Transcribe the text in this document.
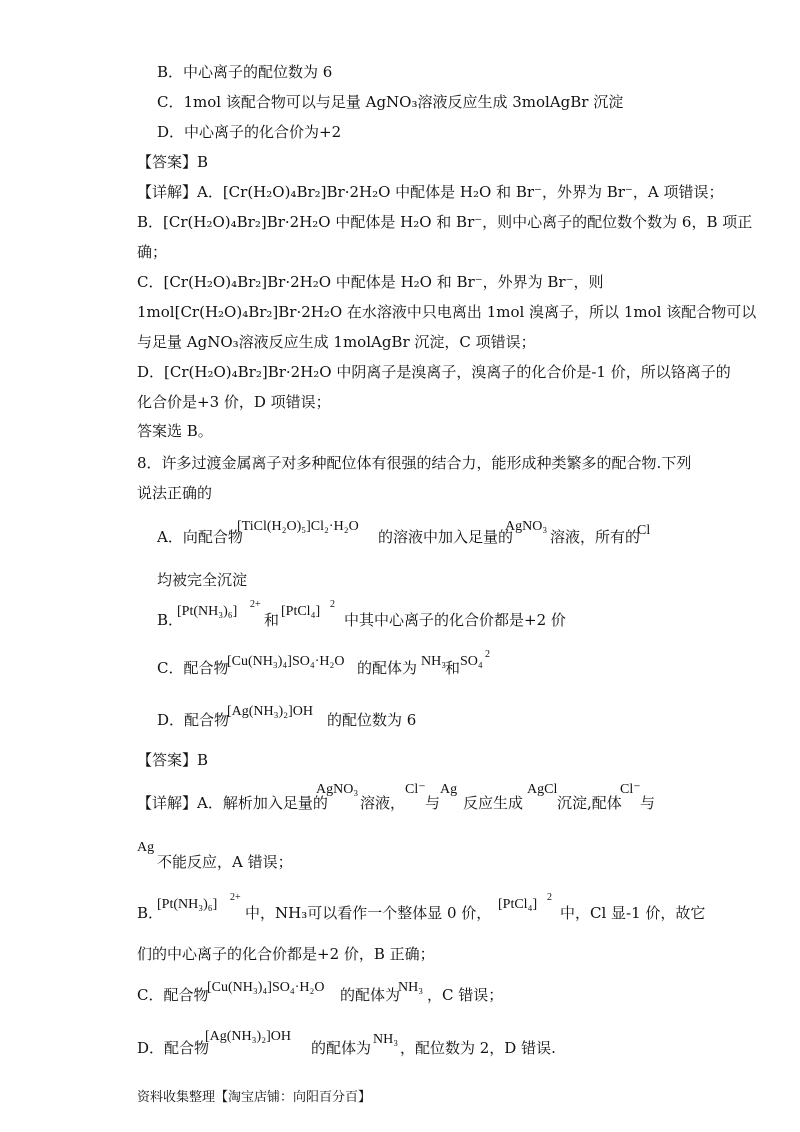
B．中心离子的配位数为 6
C．1mol 该配合物可以与足量 AgNO₃溶液反应生成 3molAgBr 沉淀
D．中心离子的化合价为+2
【答案】B
【详解】A．[Cr(H₂O)₄Br₂]Br·2H₂O 中配体是 H₂O 和 Br⁻，外界为 Br⁻，A 项错误；
B．[Cr(H₂O)₄Br₂]Br·2H₂O 中配体是 H₂O 和 Br⁻，则中心离子的配位数个数为 6，B 项正
确；
C．[Cr(H₂O)₄Br₂]Br·2H₂O 中配体是 H₂O 和 Br⁻，外界为 Br⁻，则
1mol[Cr(H₂O)₄Br₂]Br·2H₂O 在水溶液中只电离出 1mol 溴离子，所以 1mol 该配合物可以
与足量 AgNO₃溶液反应生成 1molAgBr 沉淀，C 项错误；
D．[Cr(H₂O)₄Br₂]Br·2H₂O 中阴离子是溴离子，溴离子的化合价是-1 价，所以铬离子的
化合价是+3 价，D 项错误；
答案选 B。
8．许多过渡金属离子对多种配位体有很强的结合力，能形成种类繁多的配合物.下列
说法正确的
A．向配合物
[TiCl(H₂O)₅]Cl₂·H₂O
的溶液中加入足量的
AgNO₃
溶液，所有的
Cl
均被完全沉淀
B．
[Pt(NH₃)₆] 2+
和 [PtCl₄] 2
中其中心离子的化合价都是+2 价
C．配合物
[Cu(NH₃)₄]SO₄·H₂O 的配体为 NH₃
和 SO₄ 2
D．配合物
[Ag(NH₃)₂]OH 的配位数为 6
【答案】B
【详解】A．解析加入足量的
AgNO₃
溶液，
Cl⁻
与
Ag
反应生成
AgCl
沉淀,配体
Cl⁻
与
Ag
不能反应，A 错误；
B．
[Pt(NH₃)₆] 2+
中，NH₃可以看作一个整体显 0 价， [PtCl₄] 2
中，Cl 显-1 价，故它
们的中心离子的化合价都是+2 价，B 正确；
C．配合物
[Cu(NH₃)₄]SO₄·H₂O 的配体为
NH₃ ，C 错误；
D．配合物
[Ag(NH₃)₂]OH
的配体为 NH₃ ，配位数为 2，D 错误.
资料收集整理【淘宝店铺：向阳百分百】
